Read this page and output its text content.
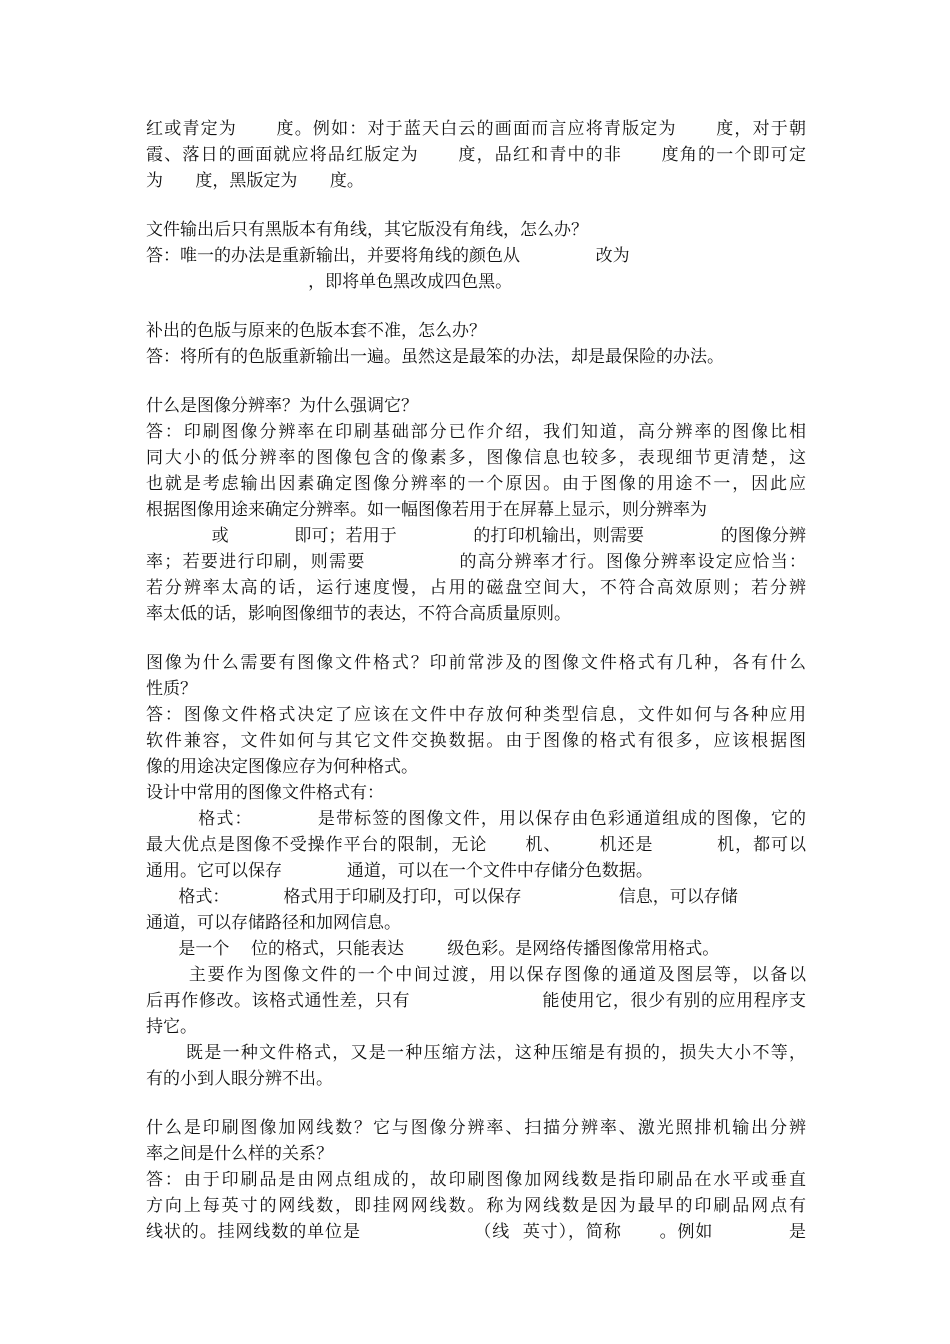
红或青定为      度。例如：对于蓝天白云的画面而言应将青版定为      度，对于朝
霞、落日的画面就应将品红版定为      度，品红和青中的非      度角的一个即可定
为      度，黑版定为      度。
文件输出后只有黑版本有角线，其它版没有角线，怎么办？
答：唯一的办法是重新输出，并要将角线的颜色从              改为
，即将单色黑改成四色黑。
补出的色版与原来的色版本套不准，怎么办？
答：将所有的色版重新输出一遍。虽然这是最笨的办法，却是最保险的办法。
什么是图像分辨率？为什么强调它？
答：印刷图像分辨率在印刷基础部分已作介绍，我们知道，高分辨率的图像比相
同大小的低分辨率的图像包含的像素多，图像信息也较多，表现细节更清楚，这
也就是考虑输出因素确定图像分辨率的一个原因。由于图像的用途不一，因此应
根据图像用途来确定分辨率。如一幅图像若用于在屏幕上显示，则分辨率为
或            即可；若用于              的打印机输出，则需要              的图像分辨
率；若要进行印刷，则需要              的高分辨率才行。图像分辨率设定应恰当：
若分辨率太高的话，运行速度慢，占用的磁盘空间大，不符合高效原则；若分辨
率太低的话，影响图像细节的表达，不符合高质量原则。
图像为什么需要有图像文件格式？印前常涉及的图像文件格式有几种，各有什么
性质？
答：图像文件格式决定了应该在文件中存放何种类型信息，文件如何与各种应用
软件兼容，文件如何与其它文件交换数据。由于图像的格式有很多，应该根据图
像的用途决定图像应存为何种格式。
设计中常用的图像文件格式有：
格式：          是带标签的图像文件，用以保存由色彩通道组成的图像，它的
最大优点是图像不受操作平台的限制，无论      机、      机还是          机，都可以
通用。它可以保存            通道，可以在一个文件中存储分色数据。
格式：          格式用于印刷及打印，可以保存                  信息，可以存储
通道，可以存储路径和加网信息。
是一个    位的格式，只能表达        级色彩。是网络传播图像常用格式。
主要作为图像文件的一个中间过渡，用以保存图像的通道及图层等，以备以
后再作修改。该格式通性差，只有                      能使用它，很少有别的应用程序支
持它。
既是一种文件格式，又是一种压缩方法，这种压缩是有损的，损失大小不等，
有的小到人眼分辨不出。
什么是印刷图像加网线数？它与图像分辨率、扫描分辨率、激光照排机输出分辨
率之间是什么样的关系？
答：由于印刷品是由网点组成的，故印刷图像加网线数是指印刷品在水平或垂直
方向上每英寸的网线数，即挂网网线数。称为网线数是因为最早的印刷品网点有
线状的。挂网线数的单位是                  （线  英寸），简称      。例如            是
